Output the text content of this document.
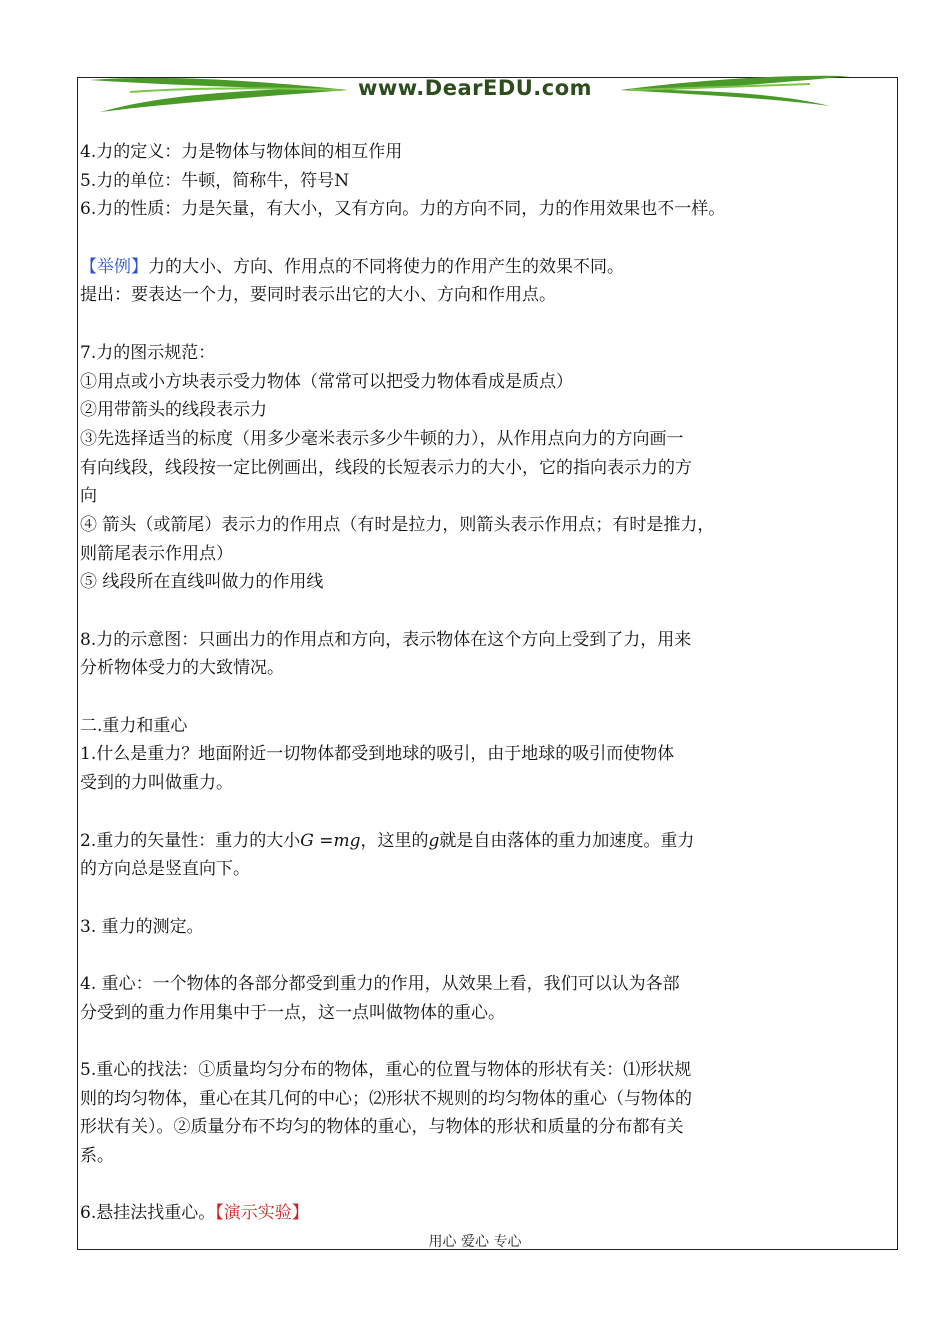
www.DearEDU.com
4.力的定义：力是物体与物体间的相互作用
5.力的单位：牛顿，简称牛，符号N
6.力的性质：力是矢量，有大小，又有方向。力的方向不同，力的作用效果也不一样。
【举例】力的大小、方向、作用点的不同将使力的作用产生的效果不同。
提出：要表达一个力，要同时表示出它的大小、方向和作用点。
7.力的图示规范：
①用点或小方块表示受力物体（常常可以把受力物体看成是质点）
②用带箭头的线段表示力
③先选择适当的标度（用多少毫米表示多少牛顿的力），从作用点向力的方向画一
有向线段，线段按一定比例画出，线段的长短表示力的大小，它的指向表示力的方
向
④ 箭头（或箭尾）表示力的作用点（有时是拉力，则箭头表示作用点；有时是推力，
则箭尾表示作用点）
⑤ 线段所在直线叫做力的作用线
8.力的示意图：只画出力的作用点和方向，表示物体在这个方向上受到了力，用来
分析物体受力的大致情况。
二.重力和重心
1.什么是重力？地面附近一切物体都受到地球的吸引，由于地球的吸引而使物体
受到的力叫做重力。
2.重力的矢量性：重力的大小G =mg，这里的g就是自由落体的重力加速度。重力
的方向总是竖直向下。
3. 重力的测定。
4. 重心：一个物体的各部分都受到重力的作用，从效果上看，我们可以认为各部
分受到的重力作用集中于一点，这一点叫做物体的重心。
5.重心的找法：①质量均匀分布的物体，重心的位置与物体的形状有关：⑴形状规
则的均匀物体，重心在其几何的中心；⑵形状不规则的均匀物体的重心（与物体的
形状有关）。②质量分布不均匀的物体的重心，与物体的形状和质量的分布都有关
系。
6.悬挂法找重心。【演示实验】
用心 爱心 专心
